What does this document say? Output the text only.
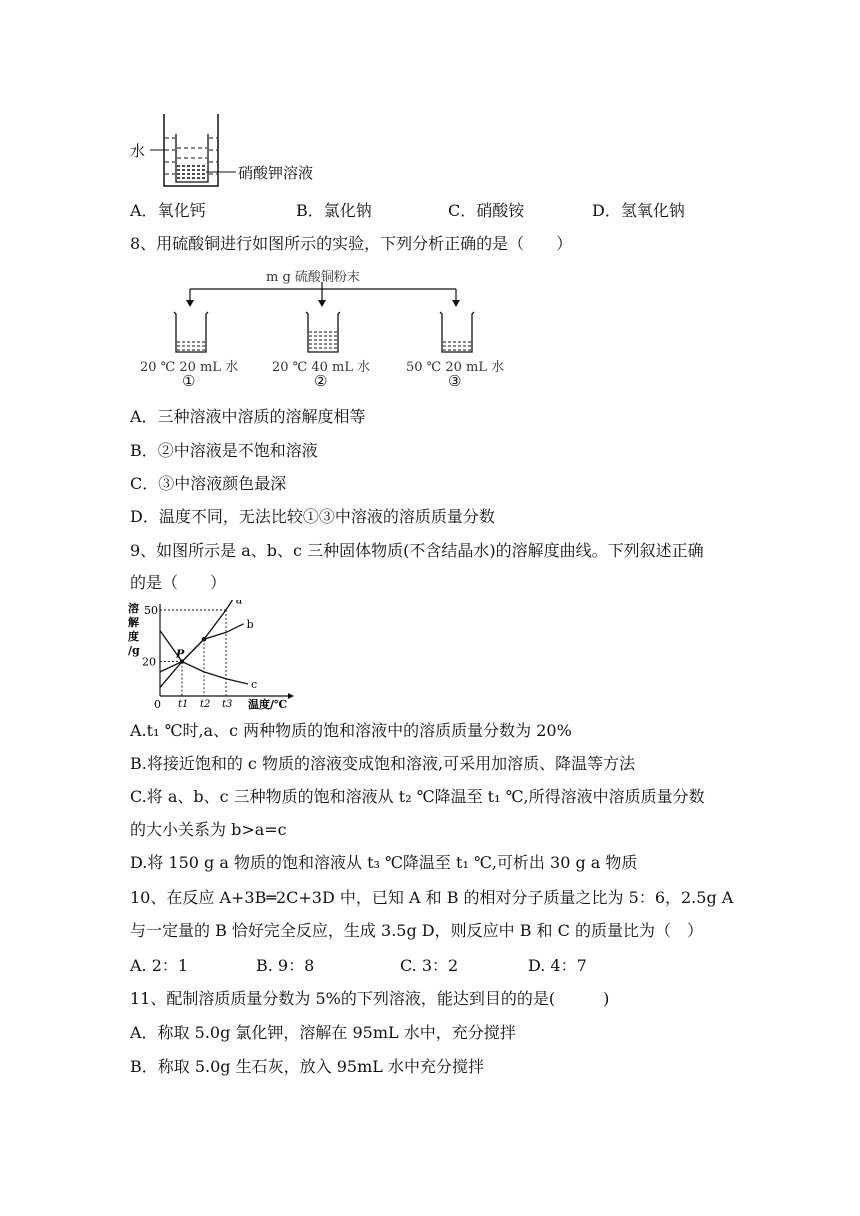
水
硝酸钾溶液
A．氧化钙	B．氯化钠	C．硝酸铵	D．氢氧化钠
8、用硫酸铜进行如图所示的实验，下列分析正确的是（　　）
m g 硫酸铜粉末
20 ℃ 20 mL 水
①
20 ℃ 40 mL 水
②
50 ℃ 20 mL 水
③
A．三种溶液中溶质的溶解度相等
B．②中溶液是不饱和溶液
C．③中溶液颜色最深
D．温度不同，无法比较①③中溶液的溶质质量分数
9、如图所示是 a、b、c 三种固体物质(不含结晶水)的溶解度曲线。下列叙述正确
的是（　　）
溶
解
度
/g
温度/℃
50
20
0 t1 t2 t3
a
b
c
P
A.t₁ ℃时,a、c 两种物质的饱和溶液中的溶质质量分数为 20%
B.将接近饱和的 c 物质的溶液变成饱和溶液,可采用加溶质、降温等方法
C.将 a、b、c 三种物质的饱和溶液从 t₂ ℃降温至 t₁ ℃,所得溶液中溶质质量分数
的大小关系为 b>a=c
D.将 150 g a 物质的饱和溶液从 t₃ ℃降温至 t₁ ℃,可析出 30 g a 物质
10、在反应 A+3B═2C+3D 中，已知 A 和 B 的相对分子质量之比为 5：6，2.5g A
与一定量的 B 恰好完全反应，生成 3.5g D，则反应中 B 和 C 的质量比为（　）
A. 2：1	B. 9：8	C. 3：2	D. 4：7
11、配制溶质质量分数为 5%的下列溶液，能达到目的的是(　　　)
A．称取 5.0g 氯化钾，溶解在 95mL 水中，充分搅拌
B．称取 5.0g 生石灰，放入 95mL 水中充分搅拌
